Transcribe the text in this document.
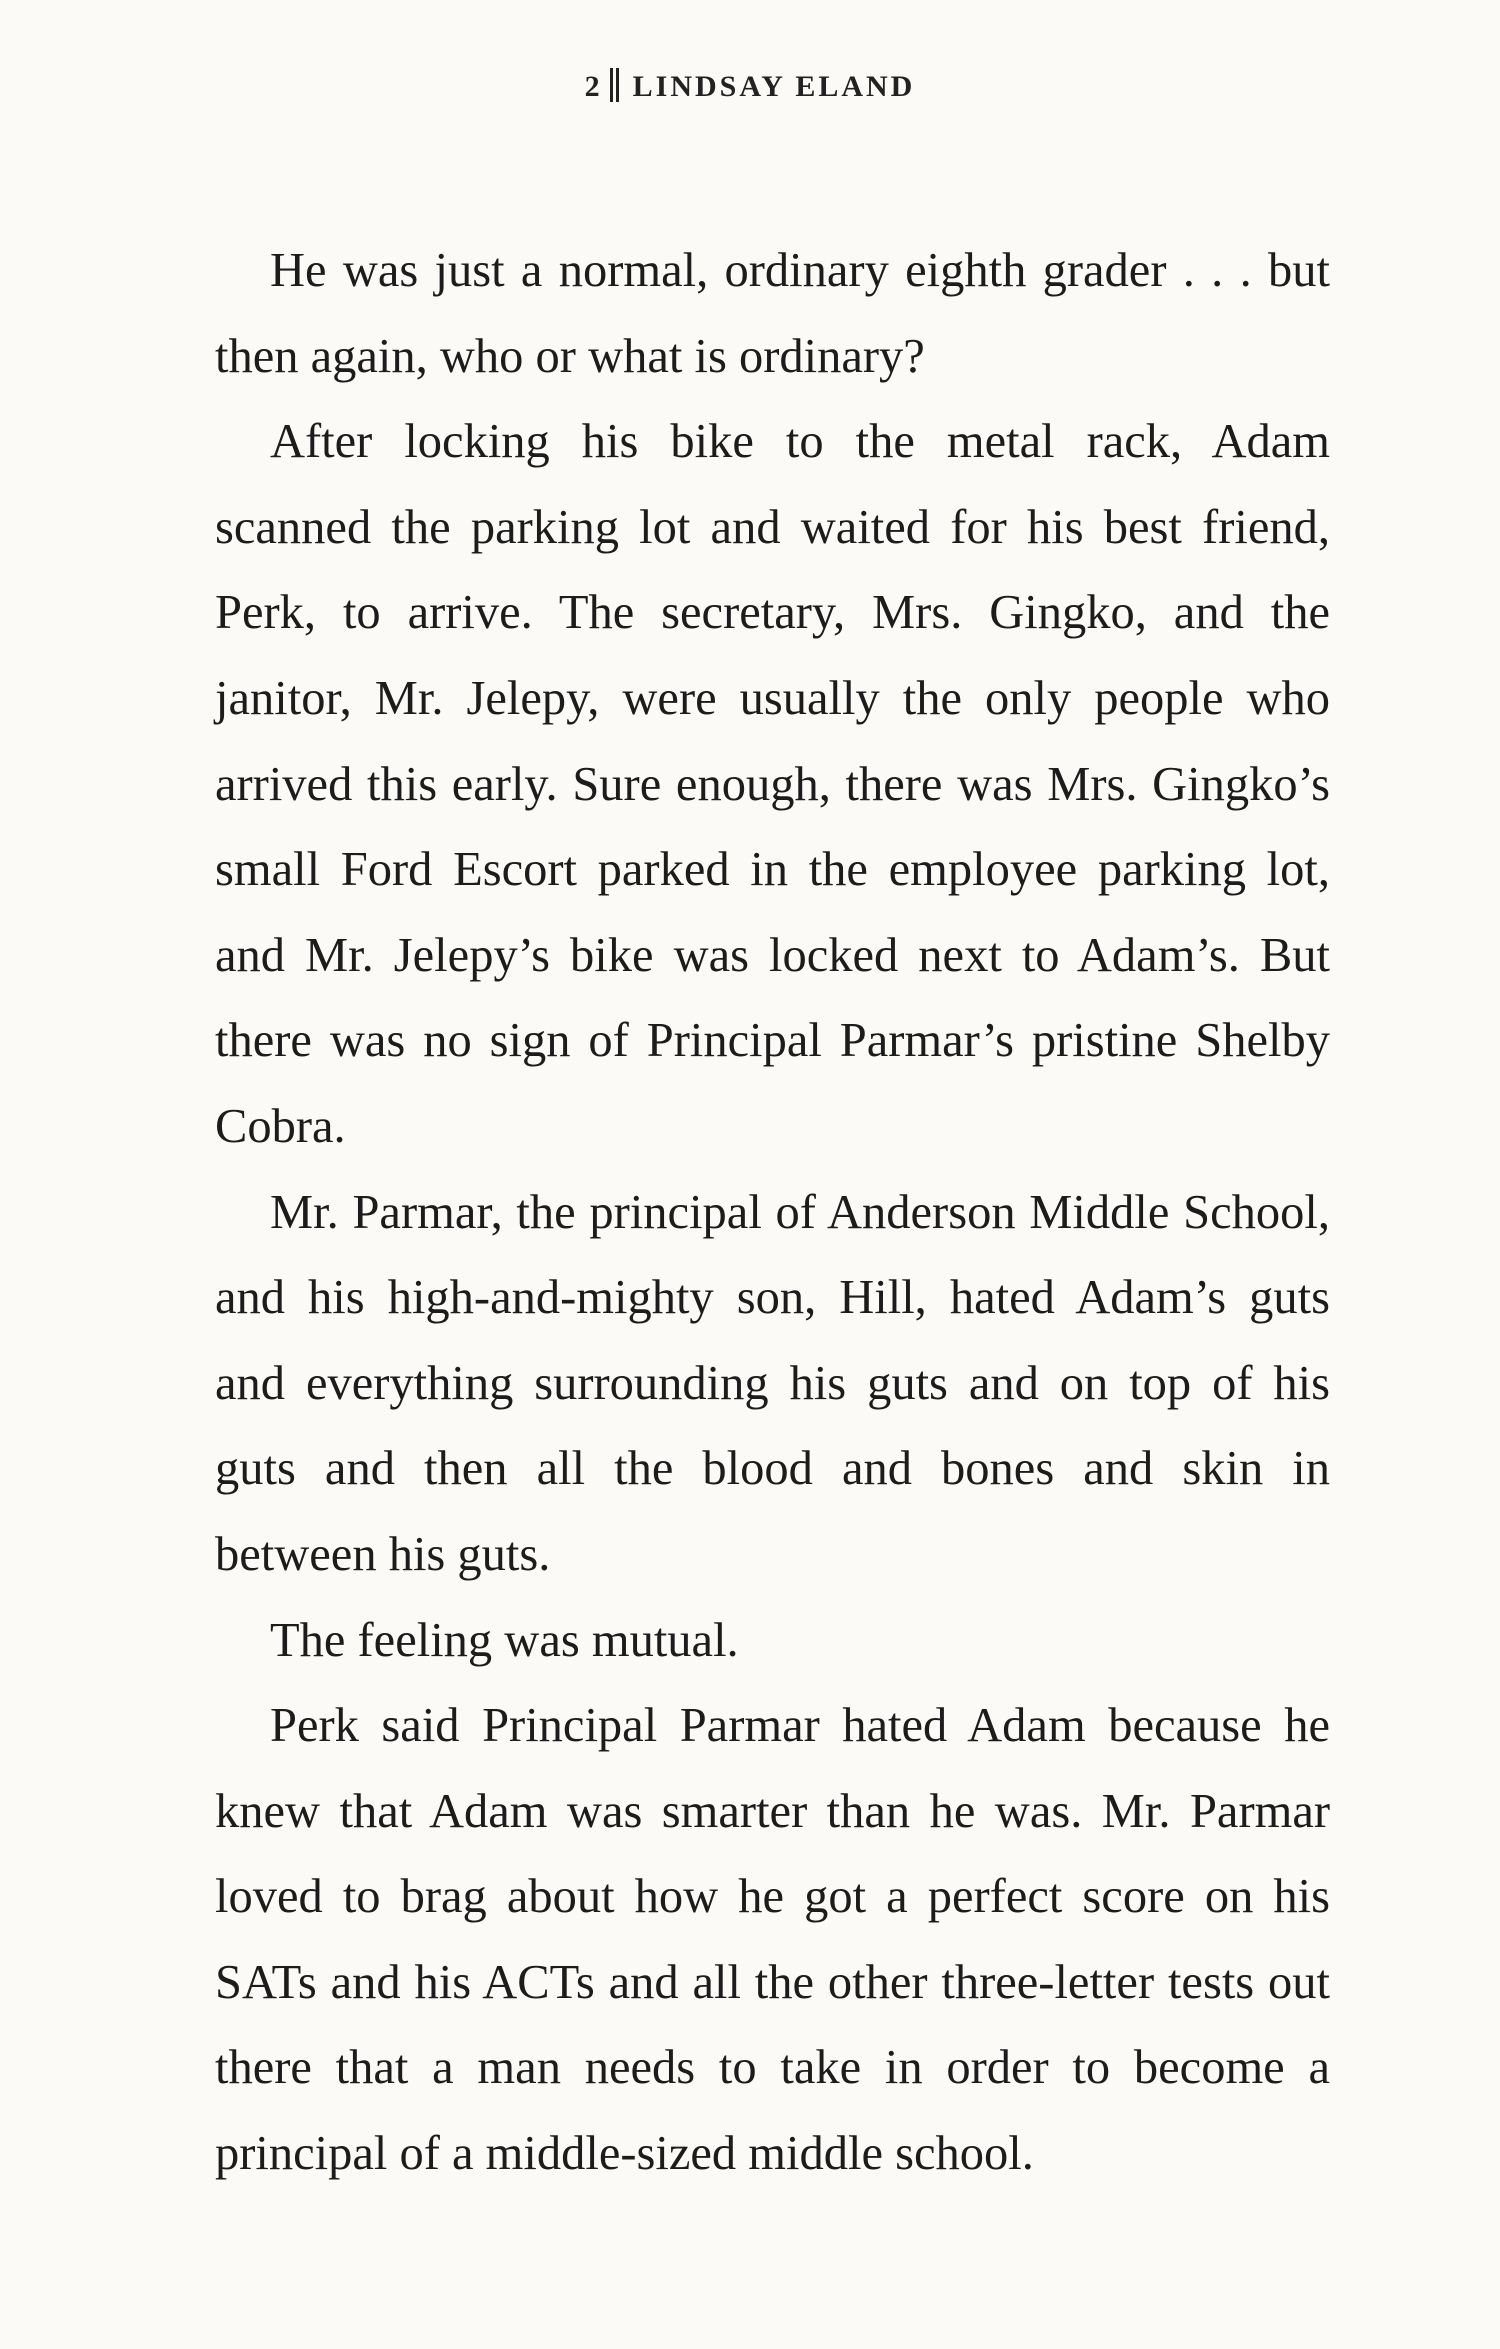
2 LINDSAY ELAND

He was just a normal, ordinary eighth grader . . . but then again, who or what is ordinary?

After locking his bike to the metal rack, Adam scanned the parking lot and waited for his best friend, Perk, to arrive. The secretary, Mrs. Gingko, and the janitor, Mr. Jelepy, were usually the only people who arrived this early. Sure enough, there was Mrs. Gingko’s small Ford Escort parked in the employee parking lot, and Mr. Jelepy’s bike was locked next to Adam’s. But there was no sign of Principal Parmar’s pristine Shelby Cobra.

Mr. Parmar, the principal of Anderson Middle School, and his high-and-mighty son, Hill, hated Adam’s guts and everything surrounding his guts and on top of his guts and then all the blood and bones and skin in between his guts.

The feeling was mutual.

Perk said Principal Parmar hated Adam because he knew that Adam was smarter than he was. Mr. Parmar loved to brag about how he got a perfect score on his SATs and his ACTs and all the other three-letter tests out there that a man needs to take in order to become a principal of a middle-sized middle school.
